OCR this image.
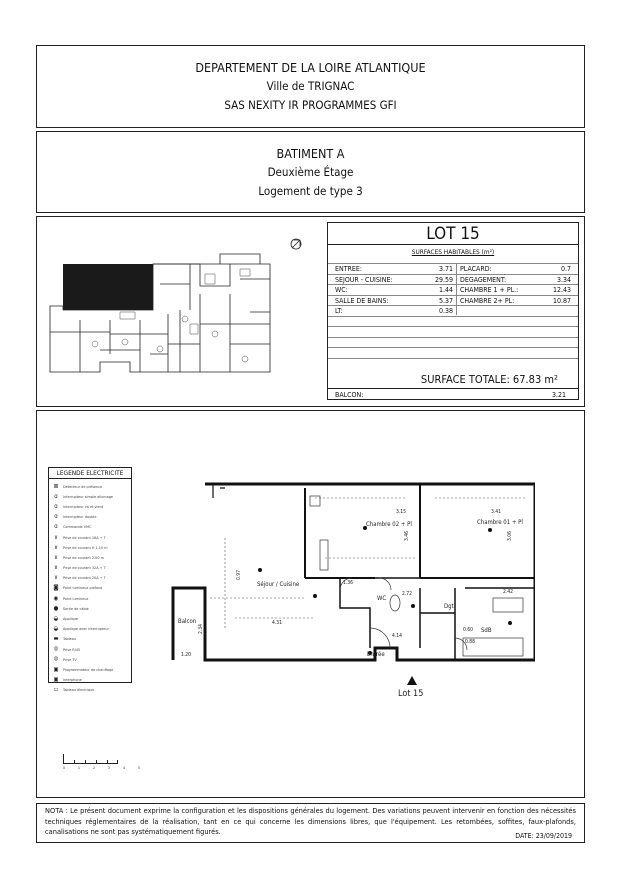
DEPARTEMENT DE LA LOIRE ATLANTIQUE
Ville de TRIGNAC
SAS NEXITY IR PROGRAMMES GFI
BATIMENT A
Deuxième Étage
Logement de type 3
LOT 15
SURFACES HABITABLES (m²)
ENTREE:	3.71 PLACARD:	0.7
SEJOUR - CUISINE:	29.59 DEGAGEMENT:	3.34
WC:	1.44 CHAMBRE 1 + PL.:	12.43
SALLE DE BAINS:	5.37 CHAMBRE 2+ PL:	10.87
LT:	0.38
SURFACE TOTALE: 67.83 m²
BALCON:	3.21
LEGENDE ELECTRICITE
⊠	Détecteur de présence
ɑ	Interrupteur simple allumage
ɑ	Interrupteur va et vient
ɑ	Interrupteur double
ɑ	Commande VMC
ɤ	Prise de courant 16A + T
ɤ	Prise de courant H 1.10 m
ɤ	Prise de courant 2.00 m
ɤ	Prise de courant 32A + T
ɤ	Prise de courant 20A + T
◙	Point lumineux plafond
◉	Point lumineux
●	Sortie de câble
◒	Applique
◒	Applique avec interrupteur
▬	Tableau
⦻	Prise RJ45
⦻	Prise TV
▣	Programmateur de chauffage
▣	Interphone
▭	Tableau électrique
Chambre 02 + Pl	Chambre 01 + Pl
Séjour / Cuisine
WC
Dgt
SdB
Entrée
Balcon
3.15	3.41
1.36
2.72	2.42
4.31
4.14
1.20
2.34	0.60
0.88
0.97
3.46	3.06
Lot 15
0 1 2 3 4 5
NOTA : Le présent document exprime la configuration et les dispositions générales du logement. Des variations peuvent intervenir en fonction des nécessités techniques réglementaires de la réalisation, tant en ce qui concerne les dimensions libres, que l'équipement. Les retombées, soffites, faux-plafonds, canalisations ne sont pas systématiquement figurés.	DATE: 23/09/2019
